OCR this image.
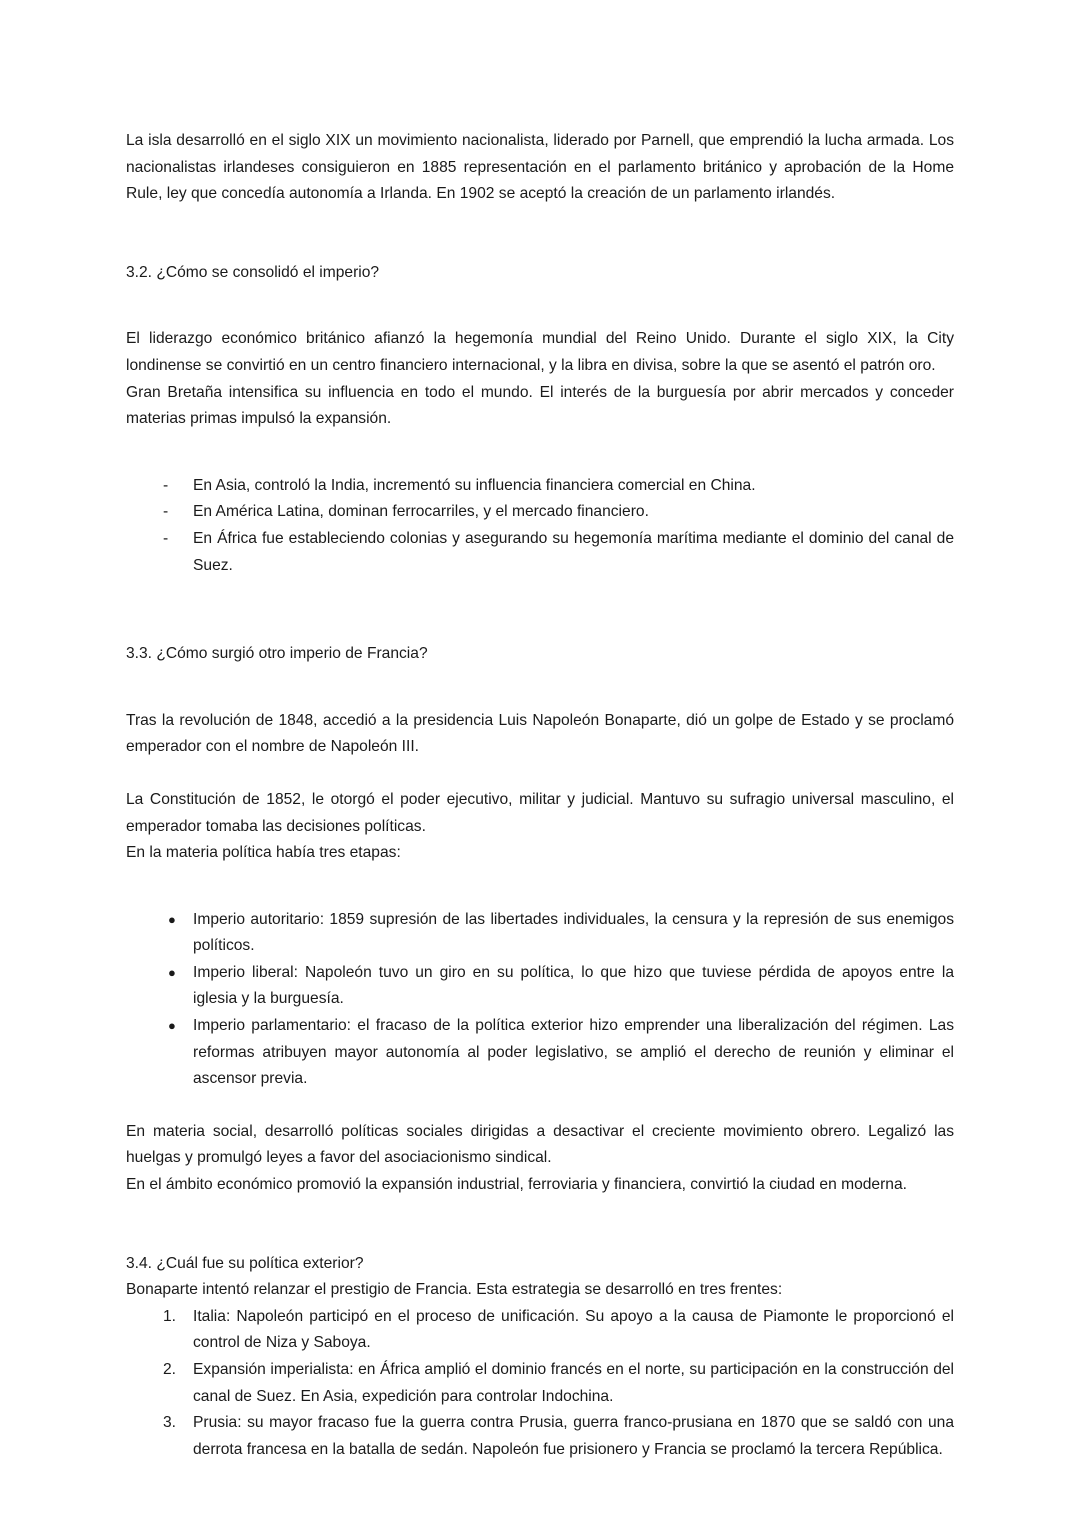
La isla desarrolló en el siglo XIX un movimiento nacionalista, liderado por Parnell, que emprendió la lucha armada. Los nacionalistas irlandeses consiguieron en 1885 representación en el parlamento británico y aprobación de la Home Rule, ley que concedía autonomía a Irlanda. En 1902 se aceptó la creación de un parlamento irlandés.

3.2. ¿Cómo se consolidó el imperio?

El liderazgo económico británico afianzó la hegemonía mundial del Reino Unido. Durante el siglo XIX, la City londinense se convirtió en un centro financiero internacional, y la libra en divisa, sobre la que se asentó el patrón oro.

Gran Bretaña intensifica su influencia en todo el mundo. El interés de la burguesía por abrir mercados y conceder materias primas impulsó la expansión.

-	En Asia, controló la India, incrementó su influencia financiera comercial en China.
-	En América Latina, dominan ferrocarriles, y el mercado financiero.
-	En África fue estableciendo colonias y asegurando su hegemonía marítima mediante el dominio del canal de Suez.
3.3. ¿Cómo surgió otro imperio de Francia?

Tras la revolución de 1848, accedió a la presidencia Luis Napoleón Bonaparte, dió un golpe de Estado y se proclamó emperador con el nombre de Napoleón III.

La Constitución de 1852, le otorgó el poder ejecutivo, militar y judicial. Mantuvo su sufragio universal masculino, el emperador tomaba las decisiones políticas.

En la materia política había tres etapas:

●	Imperio autoritario: 1859 supresión de las libertades individuales, la censura y la represión de sus enemigos políticos.
●	Imperio liberal: Napoleón tuvo un giro en su política, lo que hizo que tuviese pérdida de apoyos entre la iglesia y la burguesía.
●	Imperio parlamentario: el fracaso de la política exterior hizo emprender una liberalización del régimen. Las reformas atribuyen mayor autonomía al poder legislativo, se amplió el derecho de reunión y eliminar el ascensor previa.

En materia social, desarrolló políticas sociales dirigidas a desactivar el creciente movimiento obrero. Legalizó las huelgas y promulgó leyes a favor del asociacionismo sindical.

En el ámbito económico promovió la expansión industrial, ferroviaria y financiera, convirtió la ciudad en moderna.

3.4. ¿Cuál fue su política exterior?

Bonaparte intentó relanzar el prestigio de Francia. Esta estrategia se desarrolló en tres frentes:

1.	Italia: Napoleón participó en el proceso de unificación. Su apoyo a la causa de Piamonte le proporcionó el control de Niza y Saboya.
2.	Expansión imperialista: en África amplió el dominio francés en el norte, su participación en la construcción del canal de Suez. En Asia, expedición para controlar Indochina.
3.	Prusia: su mayor fracaso fue la guerra contra Prusia, guerra franco-prusiana en 1870 que se saldó con una derrota francesa en la batalla de sedán. Napoleón fue prisionero y Francia se proclamó la tercera República.
